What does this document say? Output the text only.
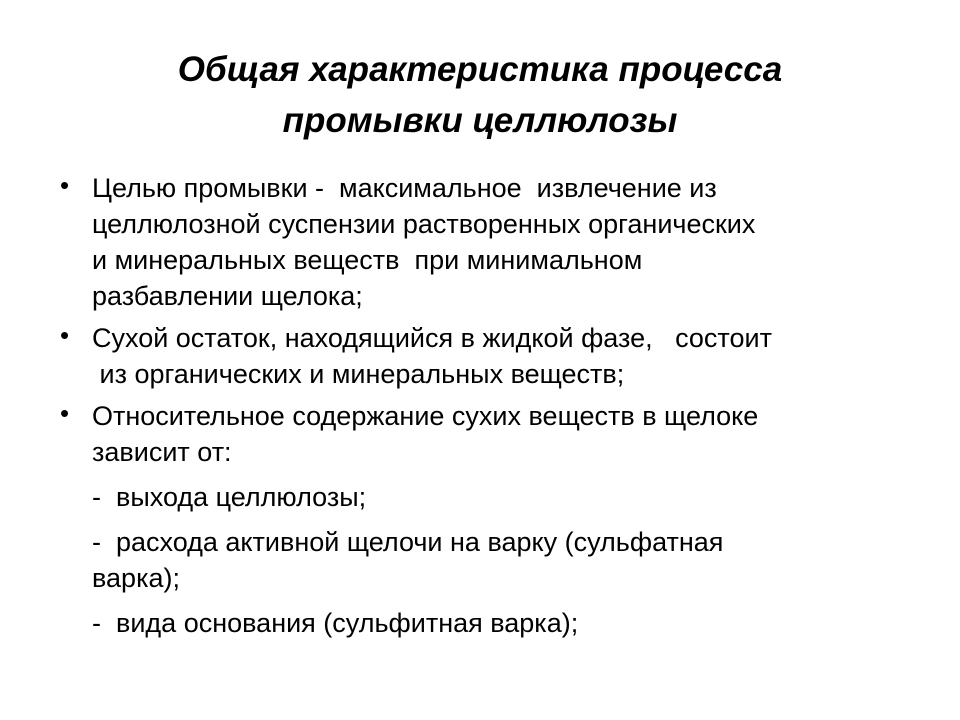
Общая характеристика процесса
промывки целлюлозы
• Целью промывки -  максимальное  извлечение из
целлюлозной суспензии растворенных органических
и минеральных веществ  при минимальном
разбавлении щелока;
• Сухой остаток, находящийся в жидкой фазе,   состоит
из органических и минеральных веществ;
• Относительное содержание сухих веществ в щелоке
зависит от:
-  выхода целлюлозы;
-  расхода активной щелочи на варку (сульфатная
варка);
-  вида основания (сульфитная варка);
